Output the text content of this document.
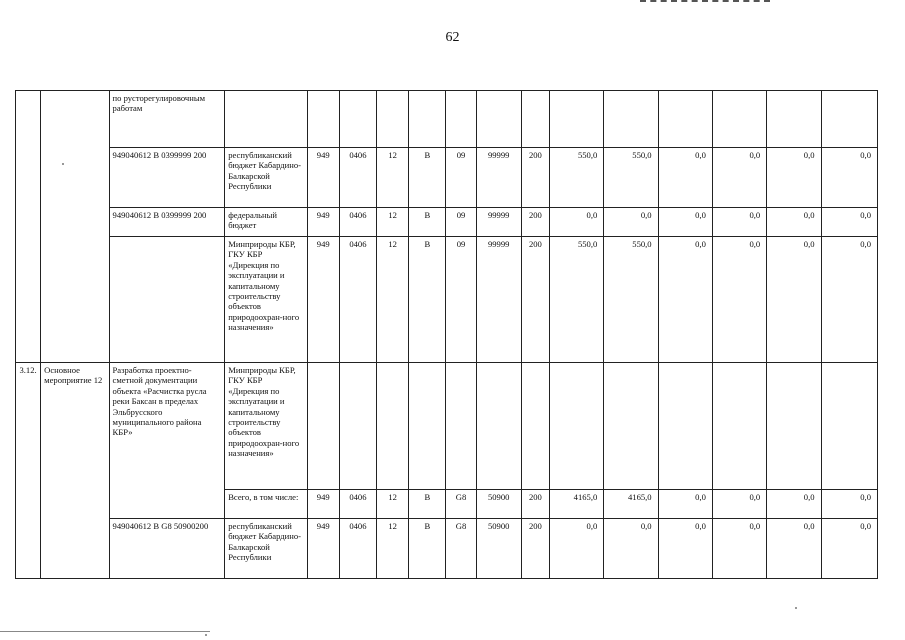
62
		по русторегулировочным работам														
		949040612 В 0399999 200	республиканский бюджет Кабардино-Балкарской Республики	949	0406	12	В	09	99999	200	550,0	550,0	0,0	0,0	0,0	0,0
		949040612 В 0399999 200	федеральный бюджет	949	0406	12	В	09	99999	200	0,0	0,0	0,0	0,0	0,0	0,0
			Минприроды КБР, ГКУ КБР «Дирекция по эксплуатации и капитальному строительству объектов природоохран-ного назначения»	949	0406	12	В	09	99999	200	550,0	550,0	0,0	0,0	0,0	0,0
3.12.	Основное мероприятие 12	Разработка проектно-сметной документации объекта «Расчистка русла реки Баксан в пределах Эльбрусского муниципального района КБР»	Минприроды КБР, ГКУ КБР «Дирекция по эксплуатации и капитальному строительству объектов природоохран-ного назначения»													
			Всего, в том числе:	949	0406	12	В	G8	50900	200	4165,0	4165,0	0,0	0,0	0,0	0,0
		949040612 В G8 50900200	республиканский бюджет Кабардино-Балкарской Республики	949	0406	12	В	G8	50900	200	0,0	0,0	0,0	0,0	0,0	0,0
